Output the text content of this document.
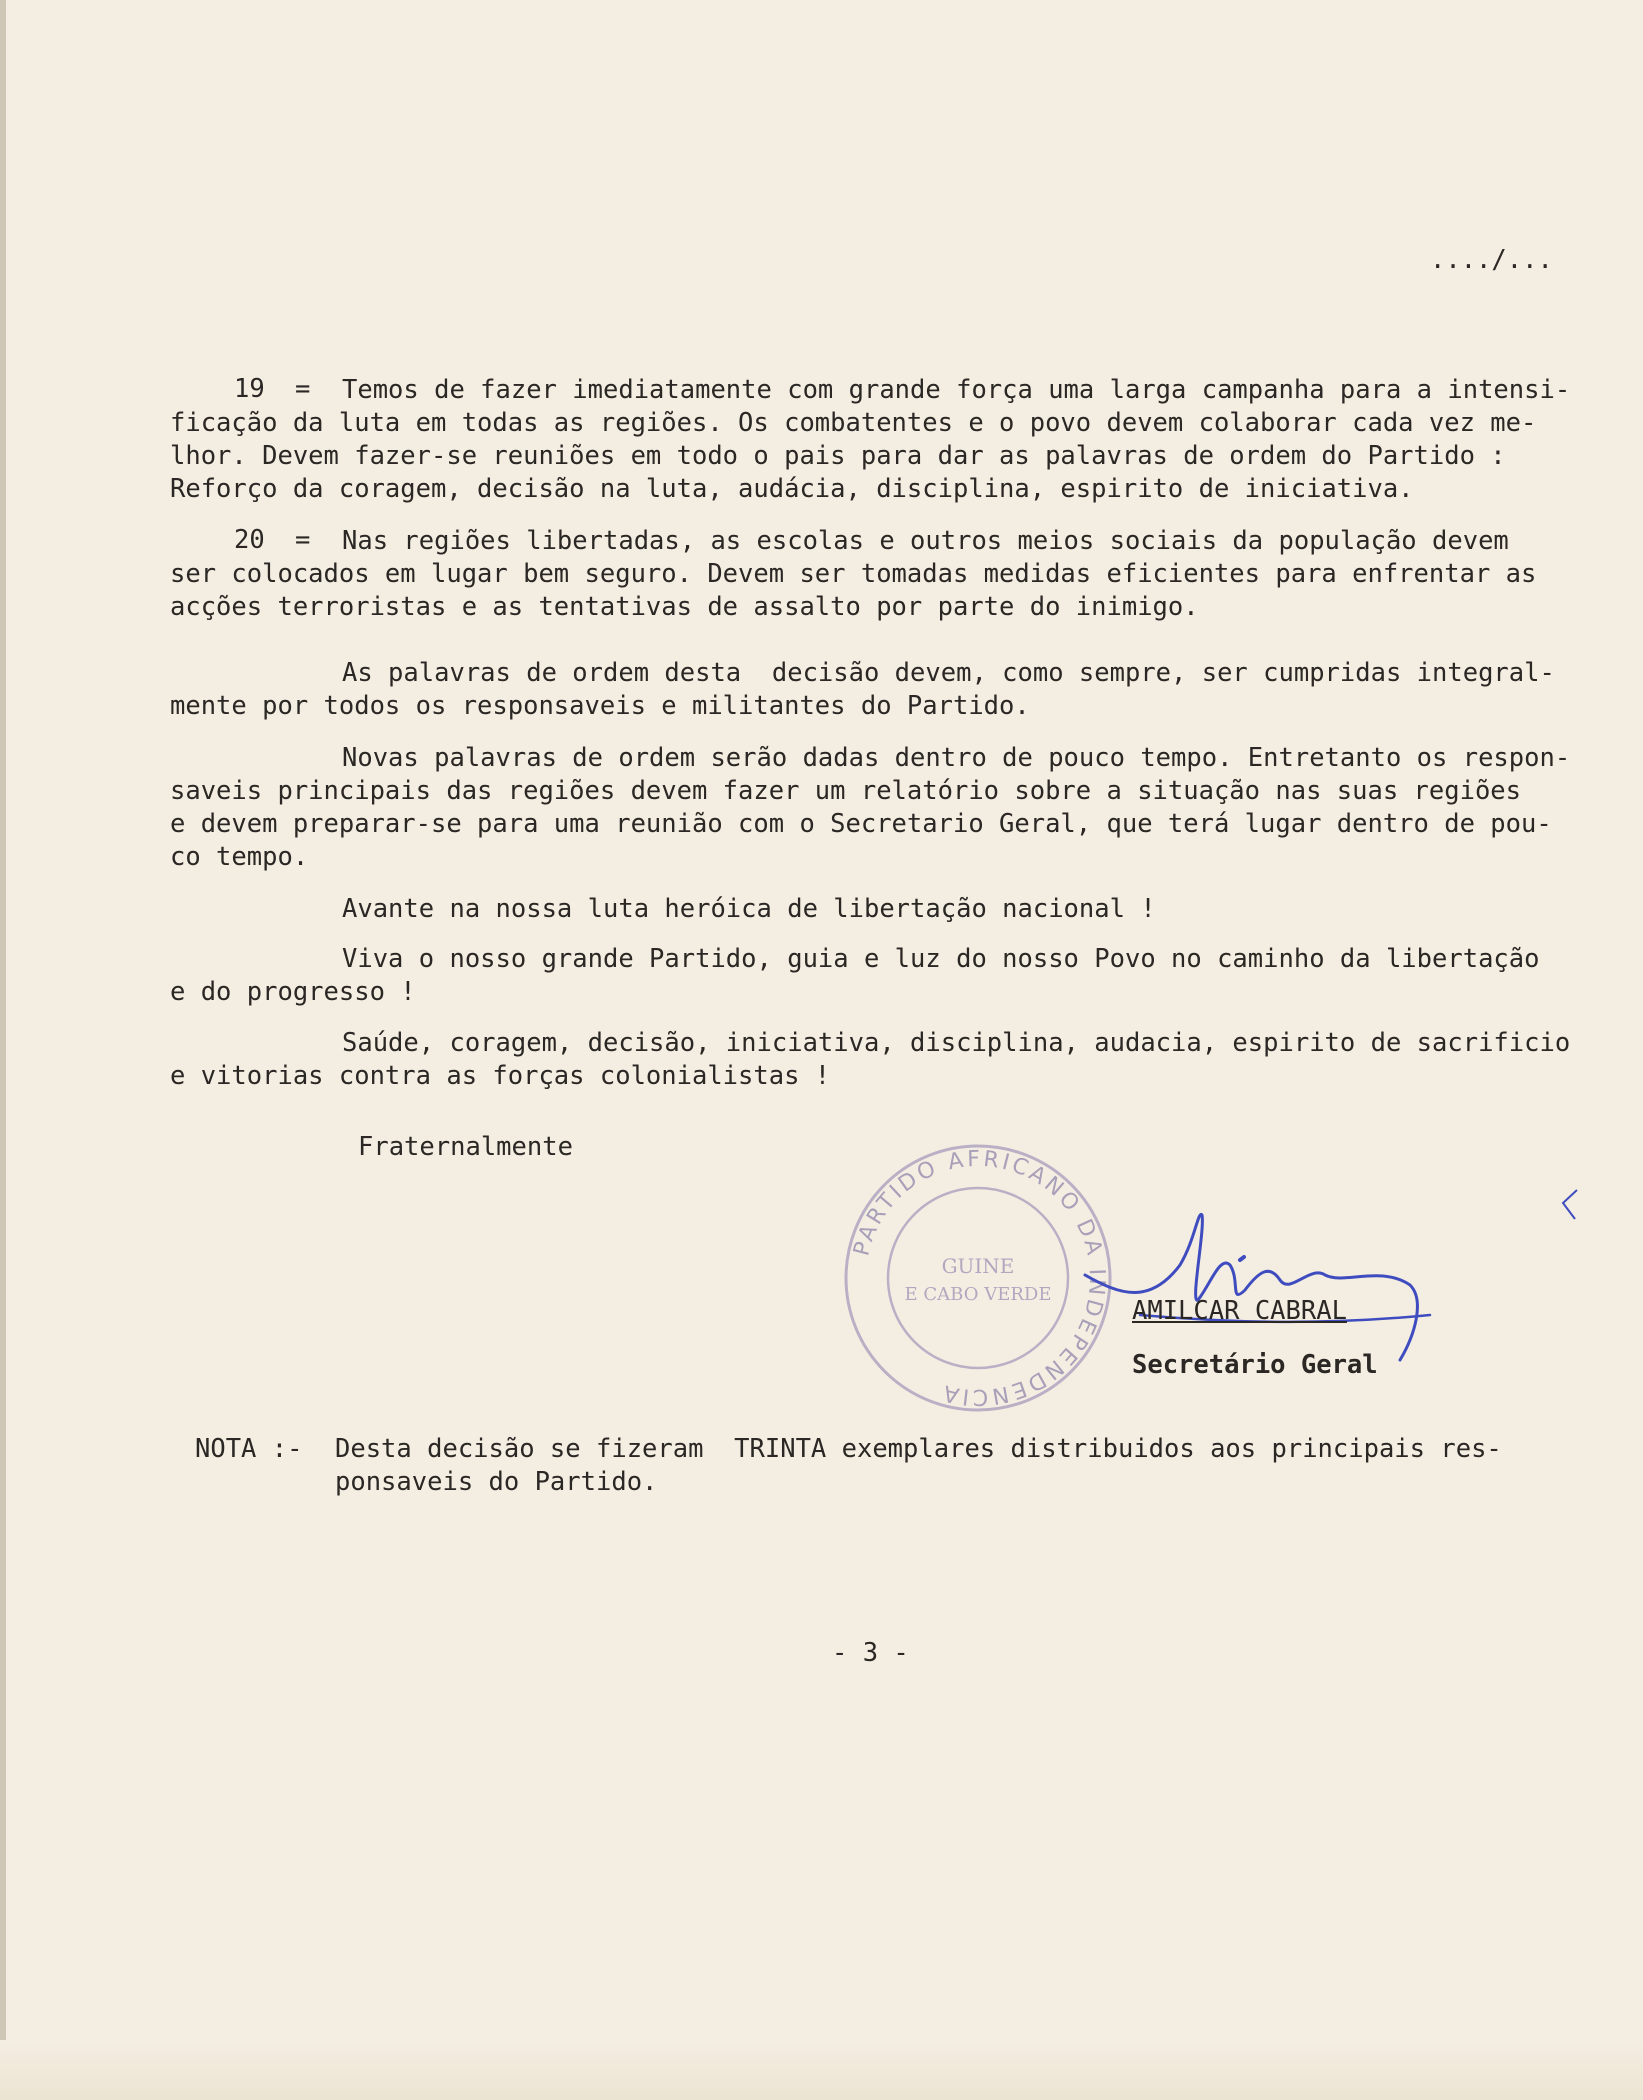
..../...
19 = Temos de fazer imediatamente com grande força uma larga campanha para a intensi-
ficação da luta em todas as regiões. Os combatentes e o povo devem colaborar cada vez me-
lhor. Devem fazer-se reuniões em todo o pais para dar as palavras de ordem do Partido :
Reforço da coragem, decisão na luta, audácia, disciplina, espirito de iniciativa.
20 = Nas regiões libertadas, as escolas e outros meios sociais da população devem
ser colocados em lugar bem seguro. Devem ser tomadas medidas eficientes para enfrentar as
acções terroristas e as tentativas de assalto por parte do inimigo.
As palavras de ordem desta  decisão devem, como sempre, ser cumpridas integral-
mente por todos os responsaveis e militantes do Partido.
Novas palavras de ordem serão dadas dentro de pouco tempo. Entretanto os respon-
saveis principais das regiões devem fazer um relatório sobre a situação nas suas regiões
e devem preparar-se para uma reunião com o Secretario Geral, que terá lugar dentro de pou-
co tempo.
Avante na nossa luta heróica de libertação nacional !
Viva o nosso grande Partido, guia e luz do nosso Povo no caminho da libertação
e do progresso !
Saúde, coragem, decisão, iniciativa, disciplina, audacia, espirito de sacrificio
e vitorias contra as forças colonialistas !
Fraternalmente
PARTIDO AFRICANO DA INDEPENDENCIA
GUINE
E CABO VERDE
AMILCAR CABRAL
Secretário Geral
NOTA :- Desta decisão se fizeram  TRINTA exemplares distribuidos aos principais res-
ponsaveis do Partido.
- 3 -
